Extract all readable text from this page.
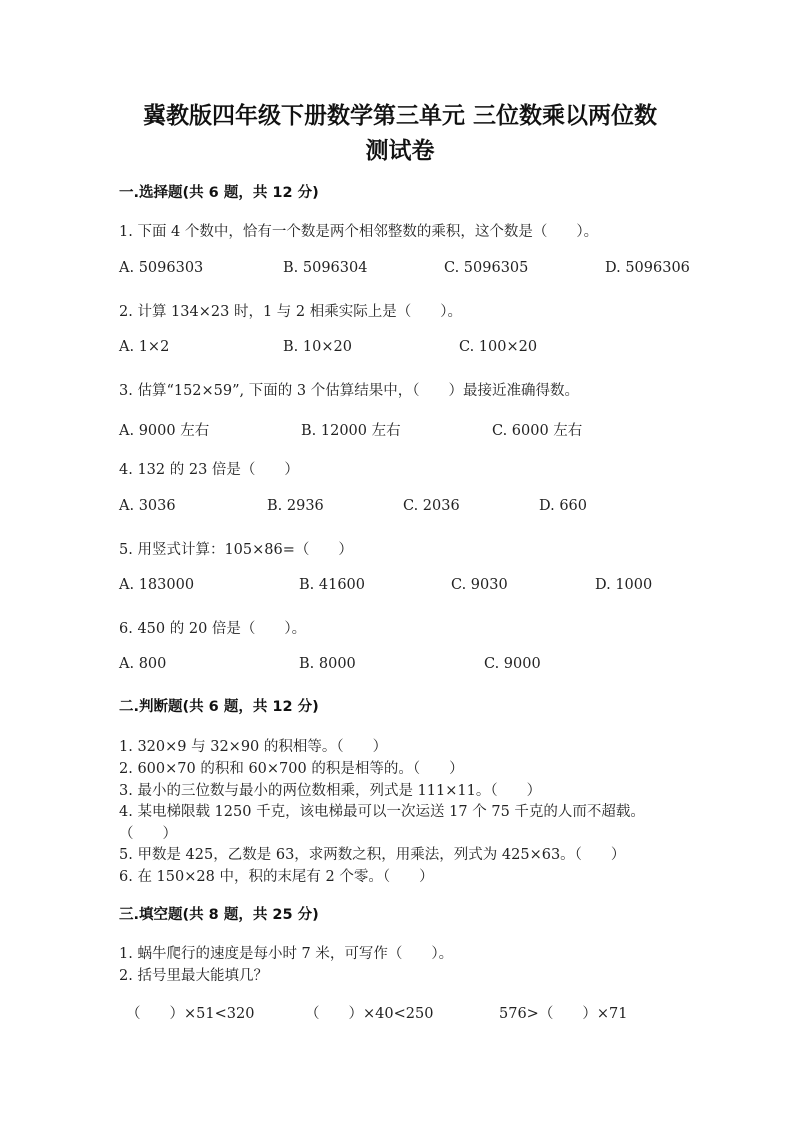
冀教版四年级下册数学第三单元 三位数乘以两位数
测试卷
一.选择题(共 6 题，共 12 分)
1. 下面 4 个数中，恰有一个数是两个相邻整数的乘积，这个数是（　　）。
A. 5096303	B. 5096304	C. 5096305	D. 5096306
2. 计算 134×23 时，1 与 2 相乘实际上是（　　）。
A. 1×2	B. 10×20	C. 100×20
3. 估算“152×59”, 下面的 3 个估算结果中，（　　）最接近准确得数。
A. 9000 左右	B. 12000 左右	C. 6000 左右
4. 132 的 23 倍是（　　）
A. 3036	B. 2936	C. 2036	D. 660
5. 用竖式计算：105×86=（　　）
A. 183000	B. 41600	C. 9030	D. 1000
6. 450 的 20 倍是（　　）。
A. 800	B. 8000	C. 9000
二.判断题(共 6 题，共 12 分)
1. 320×9 与 32×90 的积相等。（　　）
2. 600×70 的积和 60×700 的积是相等的。（　　）
3. 最小的三位数与最小的两位数相乘，列式是 111×11。（　　）
4. 某电梯限载 1250 千克，该电梯最可以一次运送 17 个 75 千克的人而不超载。
（　　）
5. 甲数是 425，乙数是 63，求两数之积，用乘法，列式为 425×63。（　　）
6. 在 150×28 中，积的末尾有 2 个零。（　　）
三.填空题(共 8 题，共 25 分)
1. 蜗牛爬行的速度是每小时 7 米，可写作（　　）。
2. 括号里最大能填几？
（　　）×51<320	（　　）×40<250	576>（　　）×71
